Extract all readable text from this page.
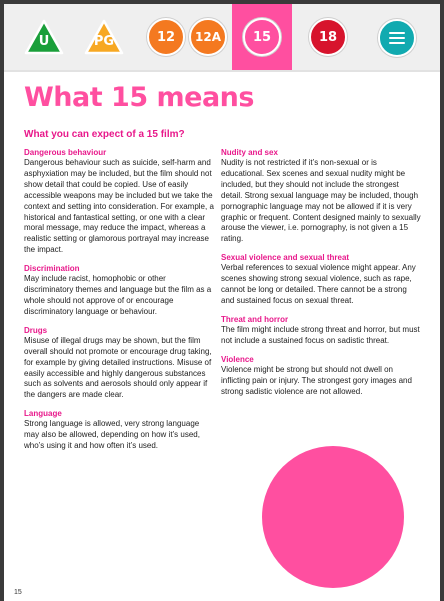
U	PG	12	12A	15	18
What 15 means
What you can expect of a 15 film?
Dangerous behaviour

Dangerous behaviour such as suicide, self-harm and asphyxiation may be included, but the film should not show detail that could be copied. Use of easily accessible weapons may be included but we take the context and setting into consideration. For example, a historical and fantastical setting, or one with a clear moral message, may reduce the impact, whereas a realistic setting or glamorous portrayal may increase the impact.

Discrimination

May include racist, homophobic or other discriminatory themes and language but the film as a whole should not approve of or encourage discriminatory language or behaviour.

Drugs

Misuse of illegal drugs may be shown, but the film overall should not promote or encourage drug taking, for example by giving detailed instructions. Misuse of easily accessible and highly dangerous substances such as solvents and aerosols should only appear if the dangers are made clear.

Language

Strong language is allowed, very strong language may also be allowed, depending on how it’s used, who’s using it and how often it’s used.

Nudity and sex

Nudity is not restricted if it’s non-sexual or is educational. Sex scenes and sexual nudity might be included, but they should not include the strongest detail. Strong sexual language may be included, though pornographic language may not be allowed if it is very graphic or frequent. Content designed mainly to sexually arouse the viewer, i.e. pornography, is not given a 15 rating.

Sexual violence and sexual threat

Verbal references to sexual violence might appear. Any scenes showing strong sexual violence, such as rape, cannot be long or detailed. There cannot be a strong and sustained focus on sexual threat.

Threat and horror

The film might include strong threat and horror, but must not include a sustained focus on sadistic threat.

Violence

Violence might be strong but should not dwell on inflicting pain or injury. The strongest gory images and strong sadistic violence are not allowed.

15
